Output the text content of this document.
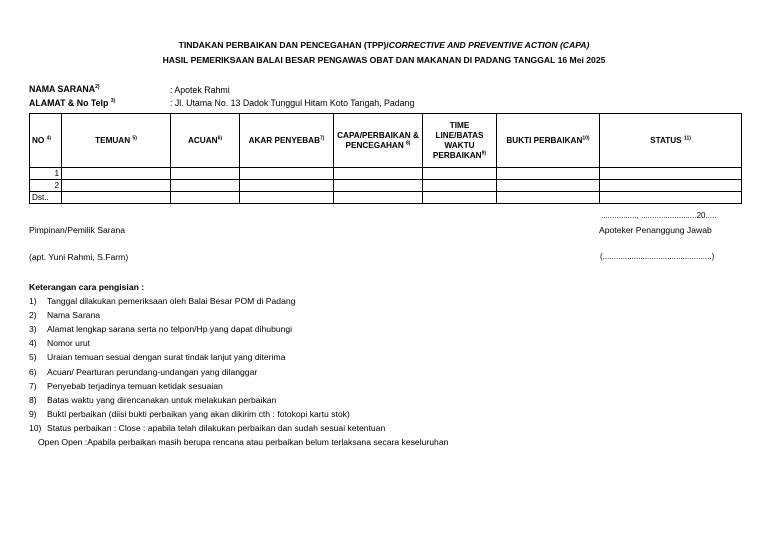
TINDAKAN PERBAIKAN DAN PENCEGAHAN (TPP)/CORRECTIVE AND PREVENTIVE ACTION (CAPA)
HASIL PEMERIKSAAN BALAI BESAR PENGAWAS OBAT DAN MAKANAN DI PADANG TANGGAL 16 Mei 2025
NAMA SARANA$^{2)}$	: Apotek Rahmi
ALAMAT & No Telp $^{3)}$	: Jl. Utama No. 13 Dadok Tunggul Hitam Koto Tangah, Padang
NO $^{4)}$	TEMUAN $^{5)}$	ACUAN$^{6)}$	AKAR PENYEBAB$^{7)}$	CAPA/PERBAIKAN & PENCEGAHAN $^{8)}$	TIME LINE/BATAS WAKTU PERBAIKAN$^{9)}$	BUKTI PERBAIKAN$^{10)}$	STATUS $^{11)}$
1							
2							
Dst..							
................, .........................20.....
Pimpinan/Pemilik Sarana	Apoteker Penanggung Jawab
(apt. Yuni Rahmi, S.Farm)	(.................................................)
Keterangan cara pengisian :
1) Tanggal dilakukan pemeriksaan oleh Balai Besar POM di Padang
2) Nama Sarana
3) Alamat lengkap sarana serta no telpon/Hp yang dapat dihubungi
4) Nomor urut
5) Uraian temuan sesuai dengan surat tindak lanjut yang diterima
6) Acuan/ Pearturan perundang-undangan yang dilanggar
7) Penyebab terjadinya temuan ketidak sesuaian
8) Batas waktu yang direncanakan untuk melakukan perbaikan
9) Bukti perbaikan (diisi bukti perbaikan yang akan dikirim cth : fotokopi kartu stok)
10) Status perbaikan : Close : apabila telah dilakukan perbaikan dan sudah sesuai ketentuan
Open Open :Apabila perbaikan masih berupa rencana atau perbaikan belum terlaksana secara keseluruhan
